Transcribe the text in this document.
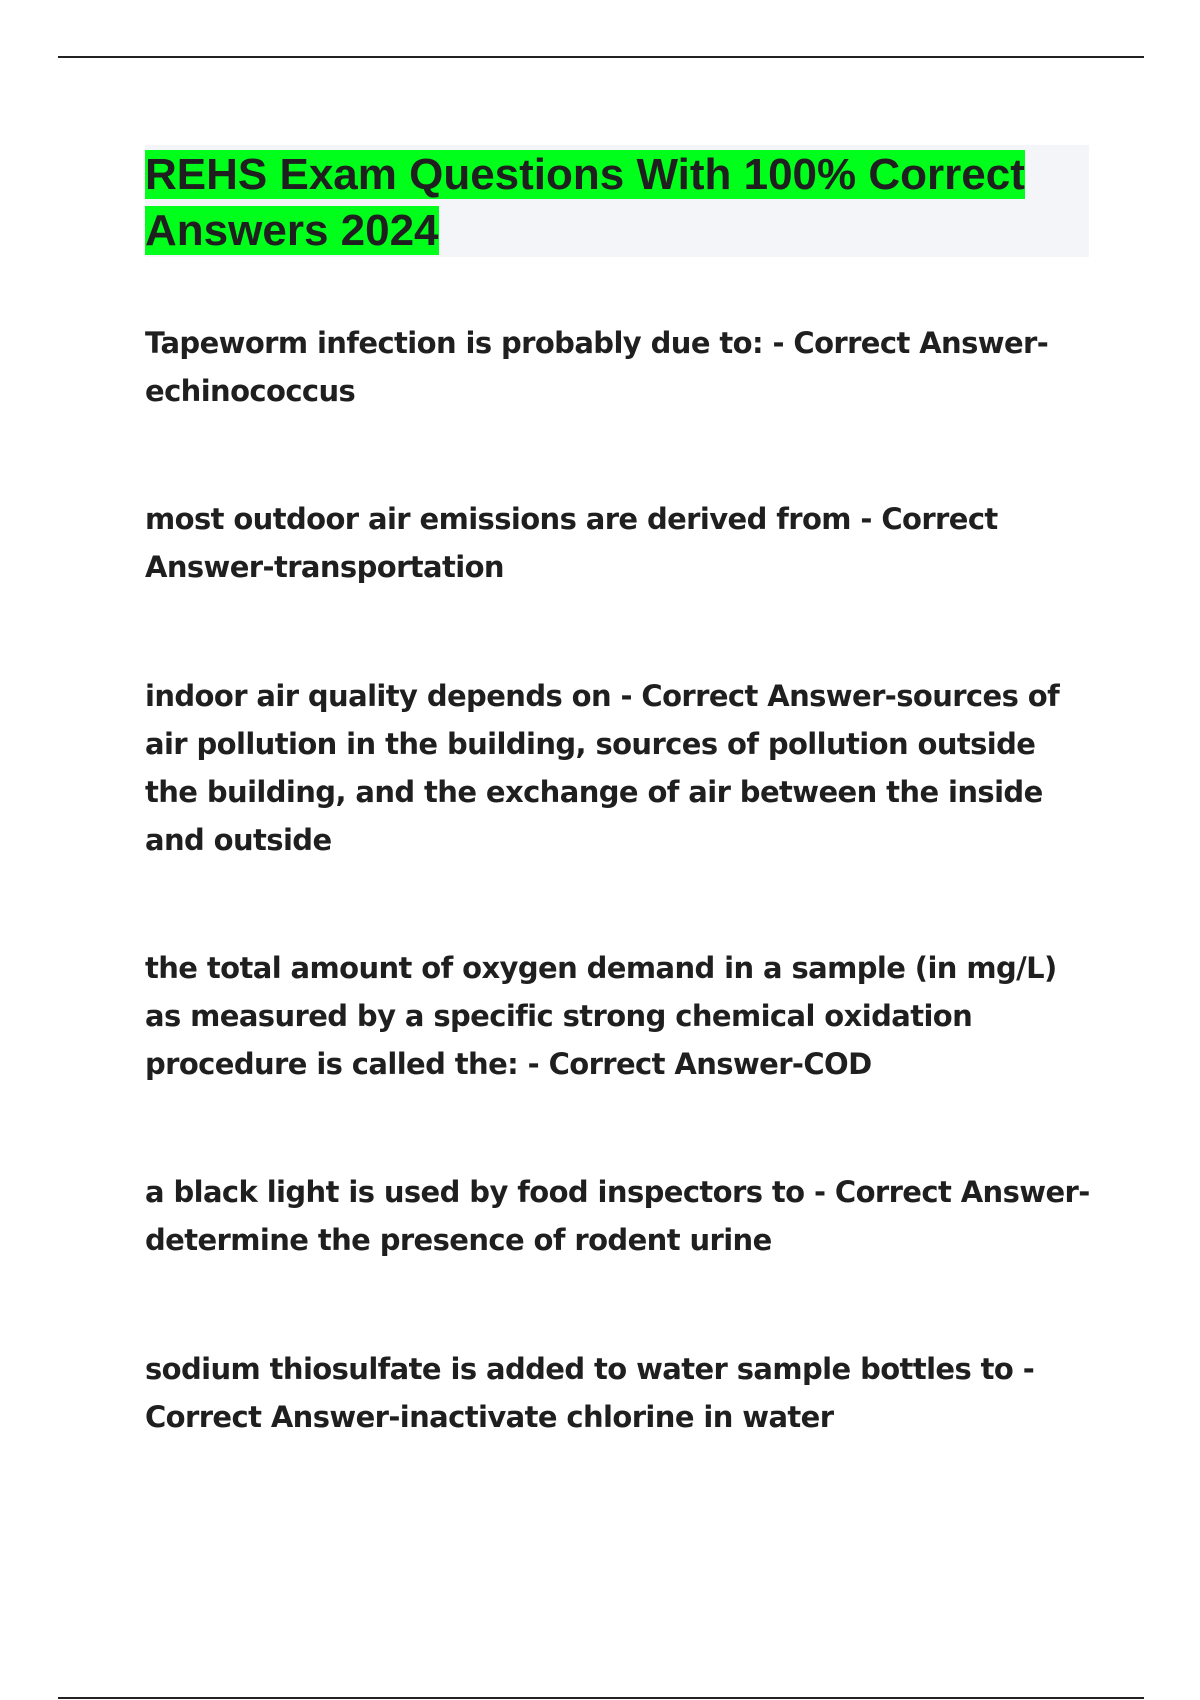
REHS Exam Questions With 100% Correct Answers 2024

Tapeworm infection is probably due to: - Correct Answer-echinococcus

most outdoor air emissions are derived from - Correct Answer-transportation

indoor air quality depends on - Correct Answer-sources of air pollution in the building, sources of pollution outside the building, and the exchange of air between the inside and outside

the total amount of oxygen demand in a sample (in mg/L) as measured by a specific strong chemical oxidation procedure is called the: - Correct Answer-COD

a black light is used by food inspectors to - Correct Answer-determine the presence of rodent urine

sodium thiosulfate is added to water sample bottles to - Correct Answer-inactivate chlorine in water
